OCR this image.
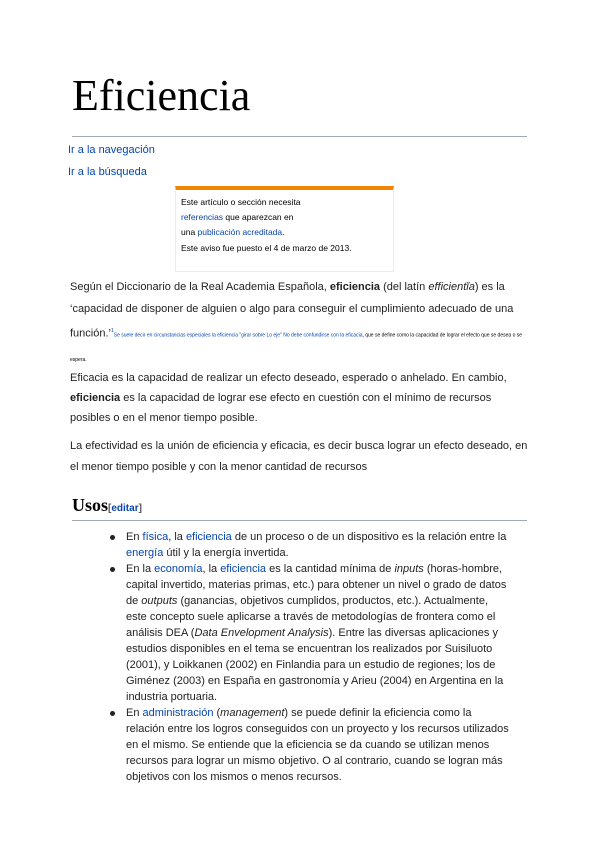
Eficiencia
Ir a la navegación
Ir a la búsqueda
Este artículo o sección necesita
referencias que aparezcan en
una publicación acreditada.
Este aviso fue puesto el 4 de marzo de 2013.

Según el Diccionario de la Real Academia Española, eficiencia (del latín efficientĭa) es la ‘capacidad de disponer de alguien o algo para conseguir el cumplimiento adecuado de una función.’$^1$Se suele decir en circunstancias especiales la eficiencia "girar sobre Lo eje" No debe confundirse con la eficacia, que se define como la capacidad de lograr el efecto que se desea o se espera.

Eficacia es la capacidad de realizar un efecto deseado, esperado o anhelado. En cambio, eficiencia es la capacidad de lograr ese efecto en cuestión con el mínimo de recursos posibles o en el menor tiempo posible.

La efectividad es la unión de eficiencia y eficacia, es decir busca lograr un efecto deseado, en el menor tiempo posible y con la menor cantidad de recursos

Usos[editar]
En física, la eficiencia de un proceso o de un dispositivo es la relación entre la energía útil y la energía invertida.
En la economía, la eficiencia es la cantidad mínima de inputs (horas-hombre, capital invertido, materias primas, etc.) para obtener un nivel o grado de datos de outputs (ganancias, objetivos cumplidos, productos, etc.). Actualmente, este concepto suele aplicarse a través de metodologías de frontera como el análisis DEA (Data Envelopment Analysis). Entre las diversas aplicaciones y estudios disponibles en el tema se encuentran los realizados por Suisiluoto (2001), y Loikkanen (2002) en Finlandia para un estudio de regiones; los de Giménez (2003) en España en gastronomía y Arieu (2004) en Argentina en la industria portuaria.
En administración (management) se puede definir la eficiencia como la relación entre los logros conseguidos con un proyecto y los recursos utilizados en el mismo. Se entiende que la eficiencia se da cuando se utilizan menos recursos para lograr un mismo objetivo. O al contrario, cuando se logran más objetivos con los mismos o menos recursos.
